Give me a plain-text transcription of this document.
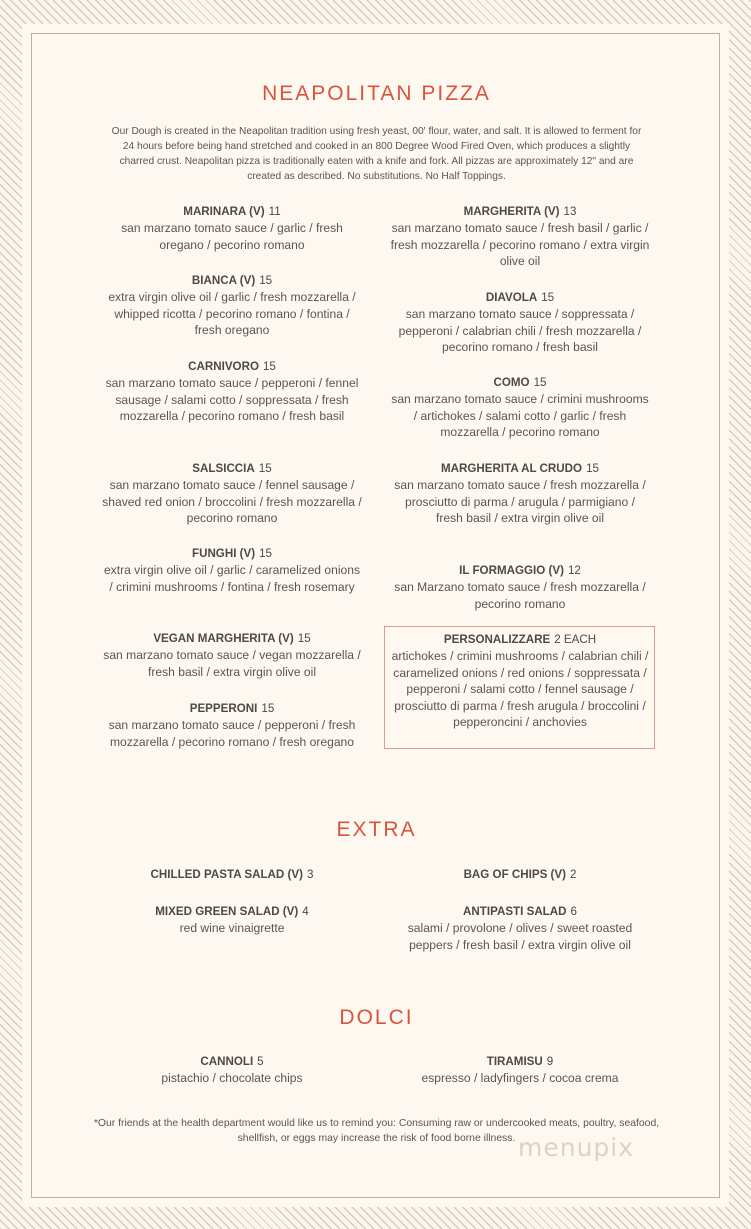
NEAPOLITAN PIZZA
Our Dough is created in the Neapolitan tradition using fresh yeast, 00' flour, water, and salt. It is allowed to ferment for 24 hours before being hand stretched and cooked in an 800 Degree Wood Fired Oven, which produces a slightly charred crust. Neapolitan pizza is traditionally eaten with a knife and fork. All pizzas are approximately 12" and are created as described. No substitutions. No Half Toppings.
MARINARA (V) 11
san marzano tomato sauce / garlic / fresh oregano / pecorino romano
BIANCA (V) 15
extra virgin olive oil / garlic / fresh mozzarella / whipped ricotta / pecorino romano / fontina / fresh oregano
CARNIVORO 15
san marzano tomato sauce / pepperoni / fennel sausage / salami cotto / soppressata / fresh mozzarella / pecorino romano / fresh basil
SALSICCIA 15
san marzano tomato sauce / fennel sausage / shaved red onion / broccolini / fresh mozzarella / pecorino romano
FUNGHI (V) 15
extra virgin olive oil / garlic / caramelized onions / crimini mushrooms / fontina / fresh rosemary
VEGAN MARGHERITA (V) 15
san marzano tomato sauce / vegan mozzarella / fresh basil / extra virgin olive oil
PEPPERONI 15
san marzano tomato sauce / pepperoni / fresh mozzarella / pecorino romano / fresh oregano
MARGHERITA (V) 13
san marzano tomato sauce / fresh basil / garlic / fresh mozzarella / pecorino romano / extra virgin olive oil
DIAVOLA 15
san marzano tomato sauce / soppressata / pepperoni / calabrian chili / fresh mozzarella / pecorino romano / fresh basil
COMO 15
san marzano tomato sauce / crimini mushrooms / artichokes / salami cotto / garlic / fresh mozzarella / pecorino romano
MARGHERITA AL CRUDO 15
san marzano tomato sauce / fresh mozzarella / prosciutto di parma / arugula / parmigiano / fresh basil / extra virgin olive oil
IL FORMAGGIO (V) 12
san Marzano tomato sauce / fresh mozzarella / pecorino romano
PERSONALIZZARE 2 EACH
artichokes / crimini mushrooms / calabrian chili / caramelized onions / red onions / soppressata / pepperoni / salami cotto / fennel sausage / prosciutto di parma / fresh arugula / broccolini / pepperoncini / anchovies
EXTRA
CHILLED PASTA SALAD (V) 3
MIXED GREEN SALAD (V) 4
red wine vinaigrette
BAG OF CHIPS (V) 2
ANTIPASTI SALAD 6
salami / provolone / olives / sweet roasted peppers / fresh basil / extra virgin olive oil
DOLCI
CANNOLI 5
pistachio / chocolate chips
TIRAMISU 9
espresso / ladyfingers / cocoa crema
*Our friends at the health department would like us to remind you: Consuming raw or undercooked meats, poultry, seafood, shellfish, or eggs may increase the risk of food borne illness. menupix
